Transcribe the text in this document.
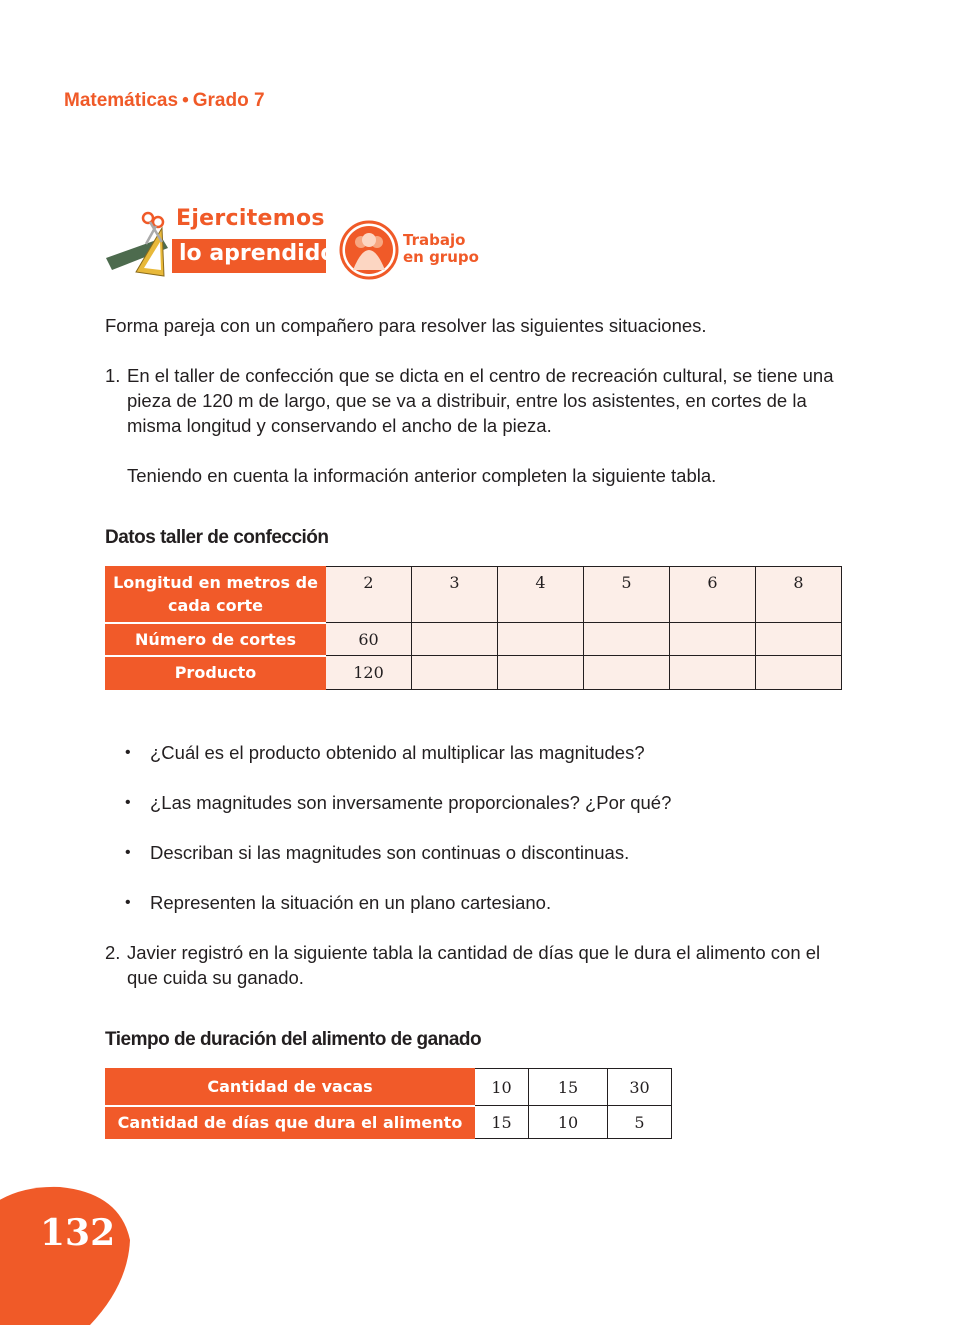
Matemáticas • Grado 7
Ejercitemos
lo aprendido
Trabajo
en grupo
Forma pareja con un compañero para resolver las siguientes situaciones.
1. En el taller de confección que se dicta en el centro de recreación cultural, se tiene una pieza de 120 m de largo, que se va a distribuir, entre los asistentes, en cortes de la misma longitud y conservando el ancho de la pieza.
Teniendo en cuenta la información anterior completen la siguiente tabla.
Datos taller de confección
Longitud en metros de
cada corte	2	3	4	5	6	8
Número de cortes	60					
Producto	120					
• ¿Cuál es el producto obtenido al multiplicar las magnitudes?
• ¿Las magnitudes son inversamente proporcionales? ¿Por qué?
• Describan si las magnitudes son continuas o discontinuas.
• Representen la situación en un plano cartesiano.
2. Javier registró en la siguiente tabla la cantidad de días que le dura el alimento con el que cuida su ganado.
Tiempo de duración del alimento de ganado
Cantidad de vacas	10	15	30
Cantidad de días que dura el alimento	15	10	5
132
